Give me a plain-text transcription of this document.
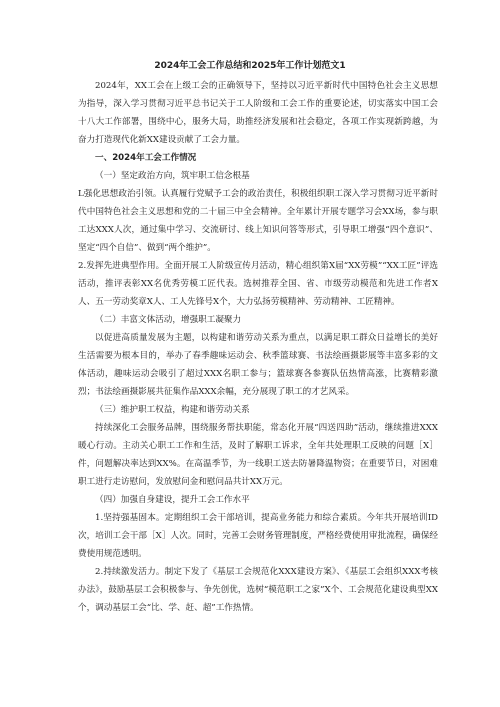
2024年工会工作总结和2025年工作计划范文1

2024年，XX工会在上级工会的正确领导下，坚持以习近平新时代中国特色社会主义思想为指导，深入学习贯彻习近平总书记关于工人阶级和工会工作的重要论述，切实落实中国工会十八大工作部署，围绕中心，服务大局，助推经济发展和社会稳定，各项工作实现新跨越，为奋力打造现代化新XX建设贡献了工会力量。

一、2024年工会工作情况

（一）坚定政治方向，筑牢职工信念根基

L强化思想政治引领。认真履行党赋予工会的政治责任，积极组织职工深入学习贯彻习近平新时代中国特色社会主义思想和党的二十届三中全会精神。全年累计开展专题学习会XX场，参与职工达XXX人次，通过集中学习、交流研讨、线上知识问答等形式，引导职工增强“四个意识”、坚定“四个自信”、做到“两个维护”。

2.发挥先进典型作用。全面开展工人阶级宣传月活动，精心组织第X届“XX劳模”“XX工匠”评选活动，推评表彰XX名优秀劳模工匠代表。选树推荐全国、省、市级劳动模范和先进工作者X人、五一劳动奖章X人、工人先锋号X个，大力弘扬劳模精神、劳动精神、工匠精神。

（二）丰富文体活动，增强职工凝聚力

以促进高质量发展为主题，以构建和谐劳动关系为重点，以满足职工群众日益增长的美好生活需要为根本目的，举办了春季趣味运动会、秋季篮球赛、书法绘画摄影展等丰富多彩的文体活动，趣味运动会吸引了超过XXX名职工参与；篮球赛各参赛队伍热情高涨，比赛精彩激烈；书法绘画摄影展共征集作品XXX余幅，充分展现了职工的才艺风采。

（三）维护职工权益，构建和谐劳动关系

持续深化工会服务品牌，围绕服务帮扶职能，常态化开展“四送四助”活动，继续推进XXX暖心行动。主动关心职工工作和生活，及时了解职工诉求，全年共处理职工反映的问题［X］件，问题解决率达到XX%。在高温季节，为一线职工送去防暑降温物资；在重要节日，对困难职工进行走访慰问，发放慰问金和慰问品共计XX万元。

（四）加强自身建设，提升工会工作水平

1.坚持强基固本。定期组织工会干部培训，提高业务能力和综合素质。今年共开展培训ID次，培训工会干部［X］人次。同时，完善工会财务管理制度，严格经费使用审批流程，确保经费使用规范透明。

2.持续激发活力。制定下发了《基层工会规范化XXX建设方案》、《基层工会组织XXX考核办法》，鼓励基层工会积极参与、争先创优，选树“模范职工之家”X个、工会规范化建设典型XX个，调动基层工会“比、学、赶、超”工作热情。
